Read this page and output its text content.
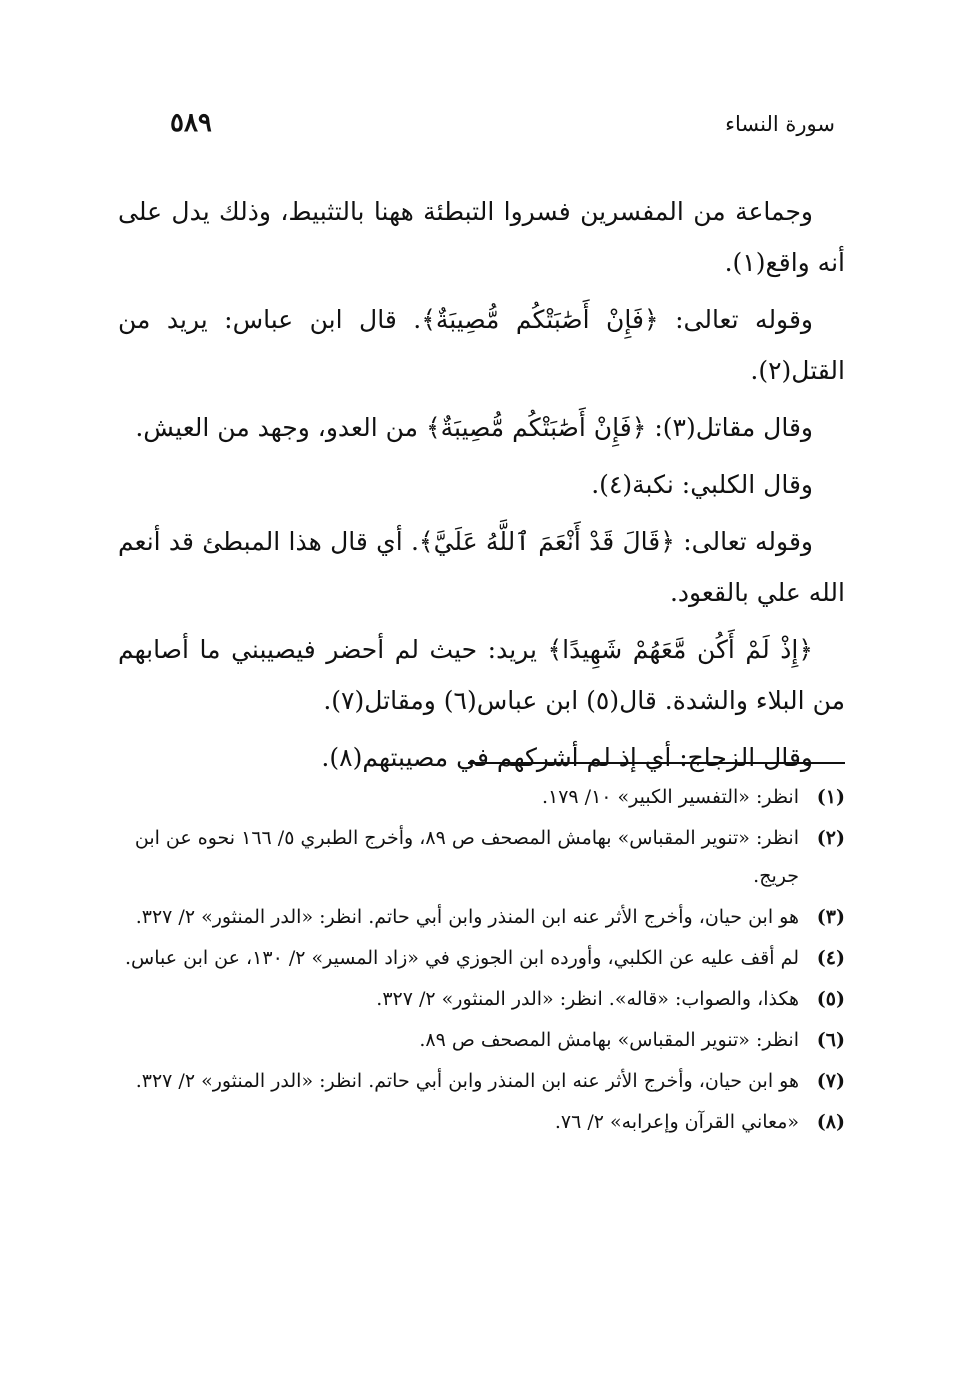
سورة النساء
٥٨٩

وجماعة من المفسرين فسروا التبطئة ههنا بالتثبيط، وذلك يدل على أنه واقع(١).

وقوله تعالى: ﴿فَإِنْ أَصَٰبَتْكُم مُّصِيبَةٌ﴾. قال ابن عباس: يريد من القتل(٢).

وقال مقاتل(٣): ﴿فَإِنْ أَصَٰبَتْكُم مُّصِيبَةٌ﴾ من العدو، وجهد من العيش.

وقال الكلبي: نكبة(٤).

وقوله تعالى: ﴿قَالَ قَدْ أَنْعَمَ ٱللَّهُ عَلَيَّ﴾. أي قال هذا المبطئ قد أنعم الله علي بالقعود.

﴿إِذْ لَمْ أَكُن مَّعَهُمْ شَهِيدًا﴾ يريد: حيث لم أحضر فيصيبني ما أصابهم من البلاء والشدة. قال(٥) ابن عباس(٦) ومقاتل(٧).

وقال الزجاج: أي إذ لم أشركهم في مصيبتهم(٨).

(١)
انظر: «التفسير الكبير» ١٠/ ١٧٩.
(٢)
انظر: «تنوير المقباس» بهامش المصحف ص ٨٩، وأخرج الطبري ٥/ ١٦٦ نحوه عن ابن جريج.
(٣)
هو ابن حيان، وأخرج الأثر عنه ابن المنذر وابن أبي حاتم. انظر: «الدر المنثور» ٢/ ٣٢٧.
(٤)
لم أقف عليه عن الكلبي، وأورده ابن الجوزي في «زاد المسير» ٢/ ١٣٠، عن ابن عباس.
(٥)
هكذا، والصواب: «قاله». انظر: «الدر المنثور» ٢/ ٣٢٧.
(٦)
انظر: «تنوير المقباس» بهامش المصحف ص ٨٩.
(٧)
هو ابن حيان، وأخرج الأثر عنه ابن المنذر وابن أبي حاتم. انظر: «الدر المنثور» ٢/ ٣٢٧.
(٨)
«معاني القرآن وإعرابه» ٢/ ٧٦.
